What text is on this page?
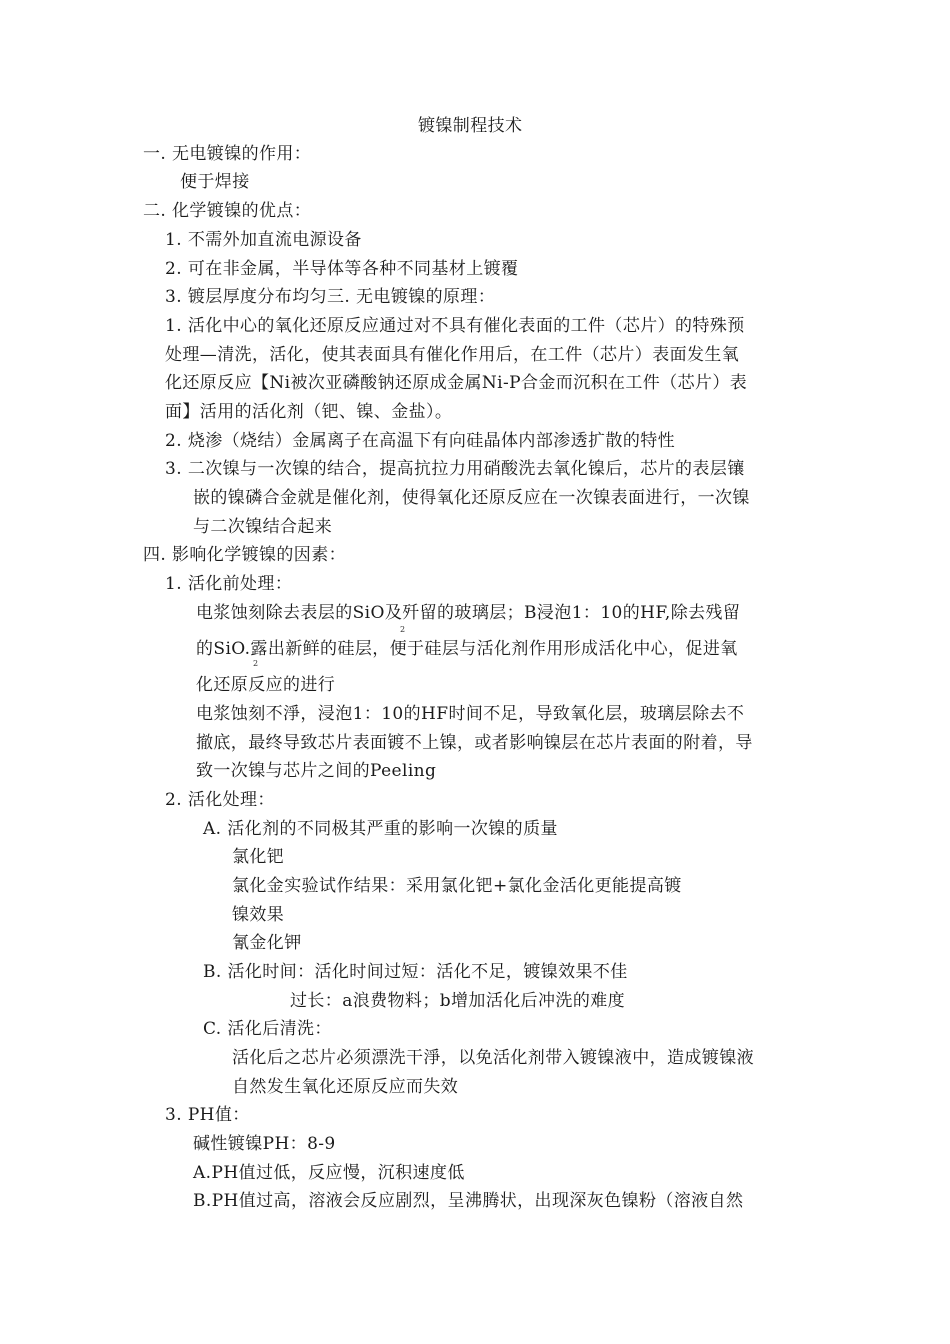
镀镍制程技术
一. 无电镀镍的作用：
便于焊接
二. 化学镀镍的优点：
1. 不需外加直流电源设备
2. 可在非金属，半导体等各种不同基材上镀覆
3. 镀层厚度分布均匀三. 无电镀镍的原理：
1. 活化中心的氧化还原反应通过对不具有催化表面的工件（芯片）的特殊预
处理—清洗，活化，使其表面具有催化作用后，在工件（芯片）表面发生氧
化还原反应【Ni被次亚磷酸钠还原成金属Ni-P合金而沉积在工件（芯片）表
面】活用的活化剂（钯、镍、金盐）。
2. 烧渗（烧结）金属离子在高温下有向硅晶体内部渗透扩散的特性
3. 二次镍与一次镍的结合，提高抗拉力用硝酸洗去氧化镍后，芯片的表层镶
嵌的镍磷合金就是催化剂，使得氧化还原反应在一次镍表面进行，一次镍
与二次镍结合起来
四. 影响化学镀镍的因素：
1. 活化前处理：
电浆蚀刻除去表层的SiO及歼留的玻璃层；B浸泡1：10的HF,除去残留
2
的SiO.露出新鲜的硅层，便于硅层与活化剂作用形成活化中心，促进氧
2
化还原反应的进行
电浆蚀刻不淨，浸泡1：10的HF时间不足，导致氧化层，玻璃层除去不
撤底，最终导致芯片表面镀不上镍，或者影响镍层在芯片表面的附着，导
致一次镍与芯片之间的Peeling
2. 活化处理：
A. 活化剂的不同极其严重的影响一次镍的质量
氯化钯
氯化金实验试作结果：采用氯化钯+氯化金活化更能提高镀
镍效果
氰金化钾
B. 活化时间：活化时间过短：活化不足，镀镍效果不佳
过长：a浪费物料；b增加活化后冲洗的难度
C. 活化后清洗：
活化后之芯片必须漂洗干淨，以免活化剂带入镀镍液中，造成镀镍液
自然发生氧化还原反应而失效
3. PH值：
碱性镀镍PH：8-9
A.PH值过低，反应慢，沉积速度低
B.PH值过高，溶液会反应剧烈，呈沸腾状，出现深灰色镍粉（溶液自然
